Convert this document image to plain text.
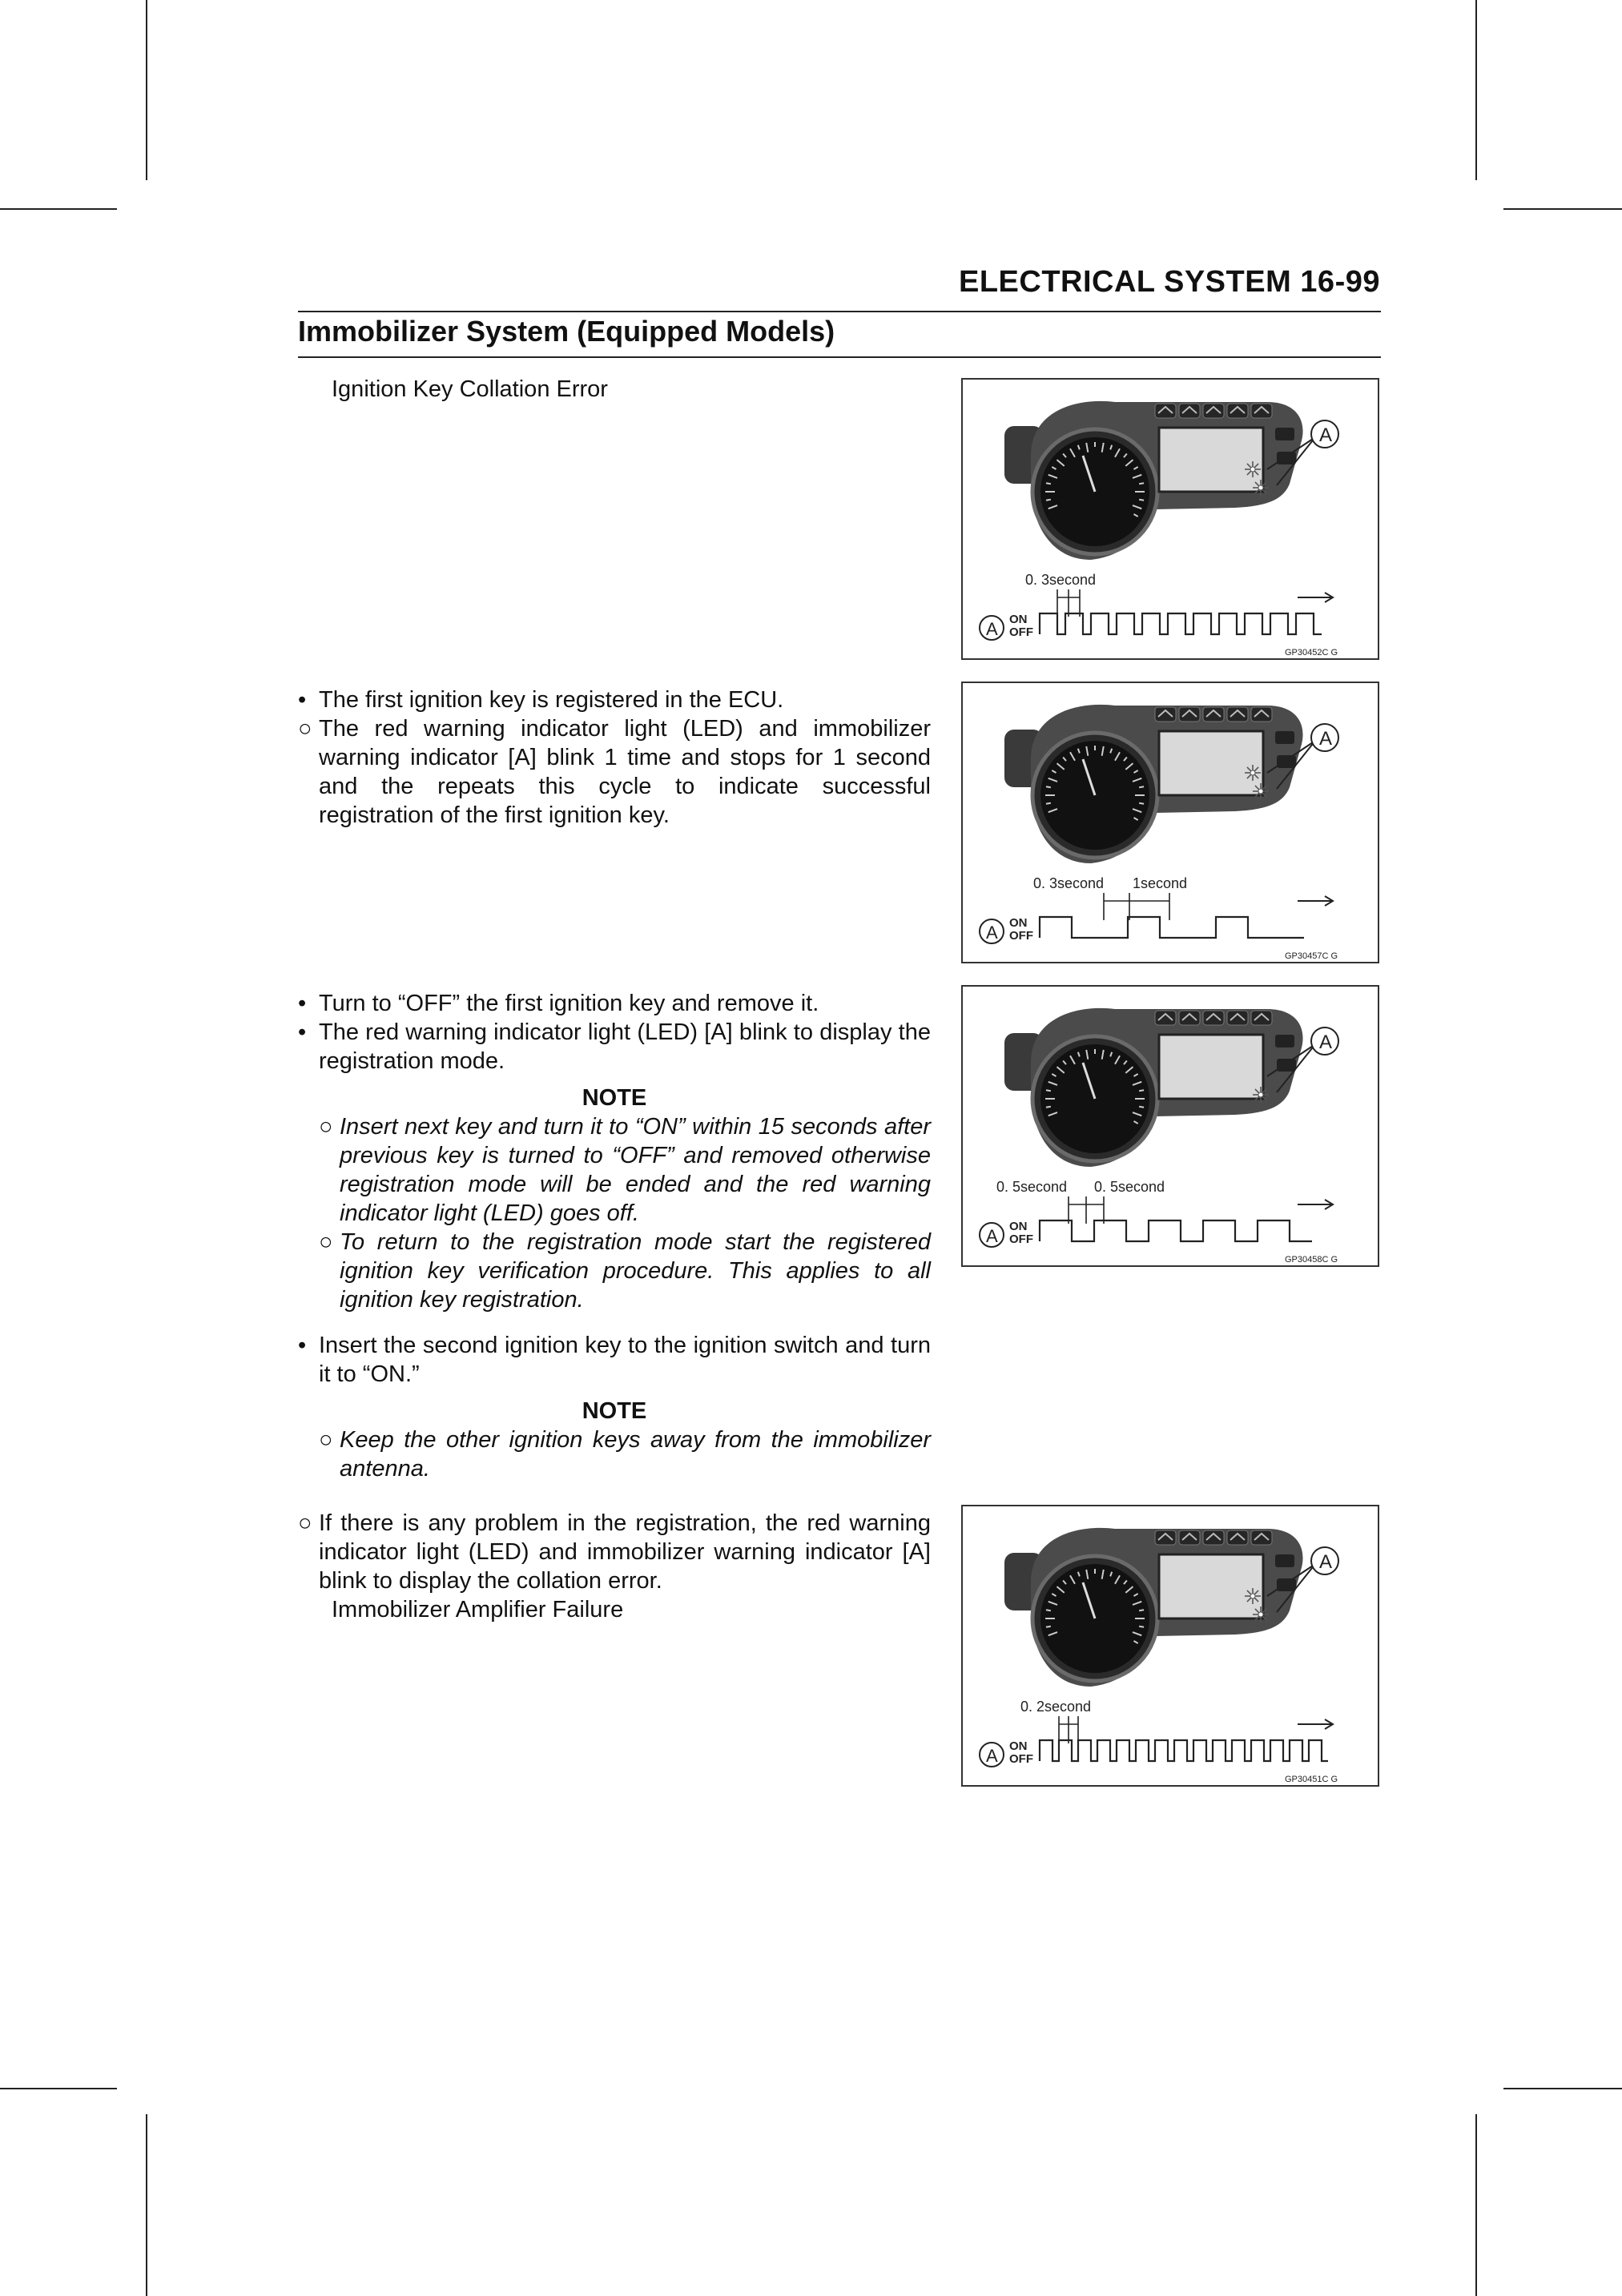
ELECTRICAL SYSTEM 16-99
Immobilizer System (Equipped Models)
Ignition Key Collation Error
• The first ignition key is registered in the ECU.
○ The red warning indicator light (LED) and immobilizer warning indicator [A] blink 1 time and stops for 1 second and the repeats this cycle to indicate successful registration of the first ignition key.
• Turn to “OFF” the first ignition key and remove it.
• The red warning indicator light (LED) [A] blink to display the registration mode.
NOTE
○ Insert next key and turn it to “ON” within 15 seconds after previous key is turned to “OFF” and removed otherwise registration mode will be ended and the red warning indicator light (LED) goes off.
○ To return to the registration mode start the registered ignition key verification procedure. This applies to all ignition key registration.
• Insert the second ignition key to the ignition switch and turn it to “ON.”
NOTE
○ Keep the other ignition keys away from the immobilizer antenna.
○ If there is any problem in the registration, the red warning indicator light (LED) and immobilizer warning indicator [A] blink to display the collation error.
Immobilizer Amplifier Failure
A
A ON
OFF
0. 3second
GP30452C G
A
A ON
OFF
0. 3second 1second
GP30457C G
A
A ON
OFF
0. 5second 0. 5second
GP30458C G
A
A ON
OFF
0. 2second
GP30451C G
